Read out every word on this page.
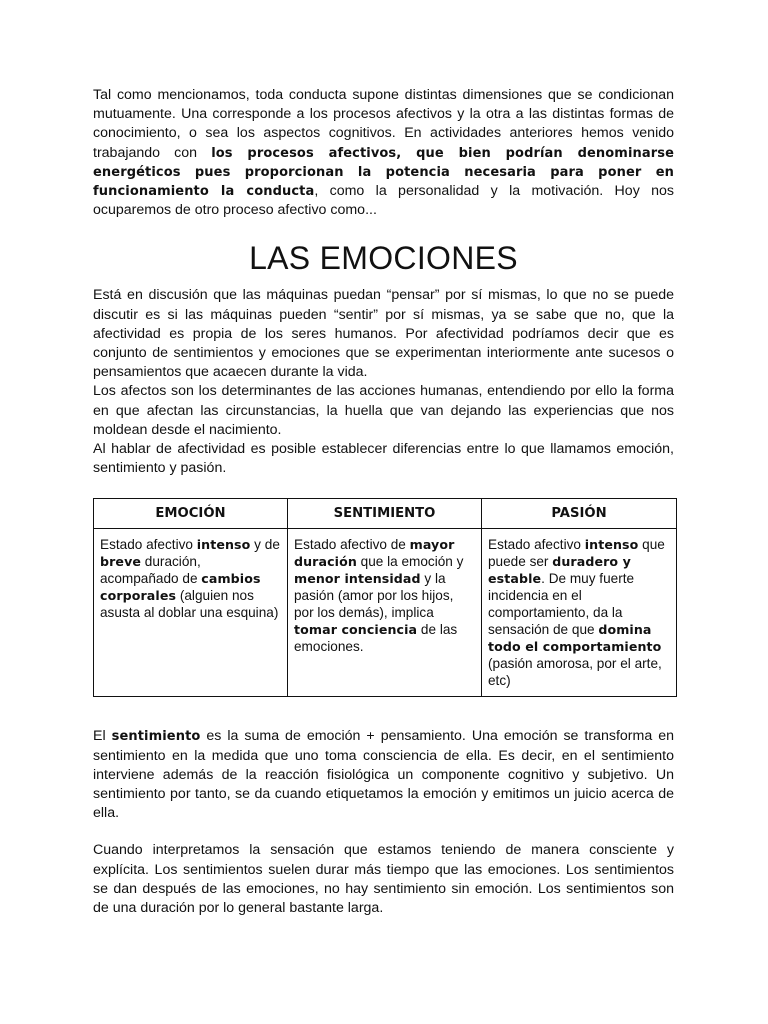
Tal como mencionamos, toda conducta supone distintas dimensiones que se condicionan mutuamente. Una corresponde a los procesos afectivos y la otra a las distintas formas de conocimiento, o sea los aspectos cognitivos. En actividades anteriores hemos venido trabajando con los procesos afectivos, que bien podrían denominarse energéticos pues proporcionan la potencia necesaria para poner en funcionamiento la conducta, como la personalidad y la motivación. Hoy nos ocuparemos de otro proceso afectivo como...

LAS EMOCIONES

Está en discusión que las máquinas puedan “pensar” por sí mismas, lo que no se puede discutir es si las máquinas pueden “sentir” por sí mismas, ya se sabe que no, que la afectividad es propia de los seres humanos. Por afectividad podríamos decir que es conjunto de sentimientos y emociones que se experimentan interiormente ante sucesos o pensamientos que acaecen durante la vida.

Los afectos son los determinantes de las acciones humanas, entendiendo por ello la forma en que afectan las circunstancias, la huella que van dejando las experiencias que nos moldean desde el nacimiento.

Al hablar de afectividad es posible establecer diferencias entre lo que llamamos emoción, sentimiento y pasión.

EMOCIÓN	SENTIMIENTO	PASIÓN
Estado afectivo intenso y de breve duración, acompañado de cambios corporales (alguien nos asusta al doblar una esquina)	Estado afectivo de mayor duración que la emoción y menor intensidad y la pasión (amor por los hijos, por los demás), implica tomar conciencia de las emociones.	Estado afectivo intenso que puede ser duradero y estable. De muy fuerte incidencia en el comportamiento, da la sensación de que domina todo el comportamiento (pasión amorosa, por el arte, etc)

El sentimiento es la suma de emoción + pensamiento. Una emoción se transforma en sentimiento en la medida que uno toma consciencia de ella. Es decir, en el sentimiento interviene además de la reacción fisiológica un componente cognitivo y subjetivo. Un sentimiento por tanto, se da cuando etiquetamos la emoción y emitimos un juicio acerca de ella.

Cuando interpretamos la sensación que estamos teniendo de manera consciente y explícita. Los sentimientos suelen durar más tiempo que las emociones. Los sentimientos se dan después de las emociones, no hay sentimiento sin emoción. Los sentimientos son de una duración por lo general bastante larga.
